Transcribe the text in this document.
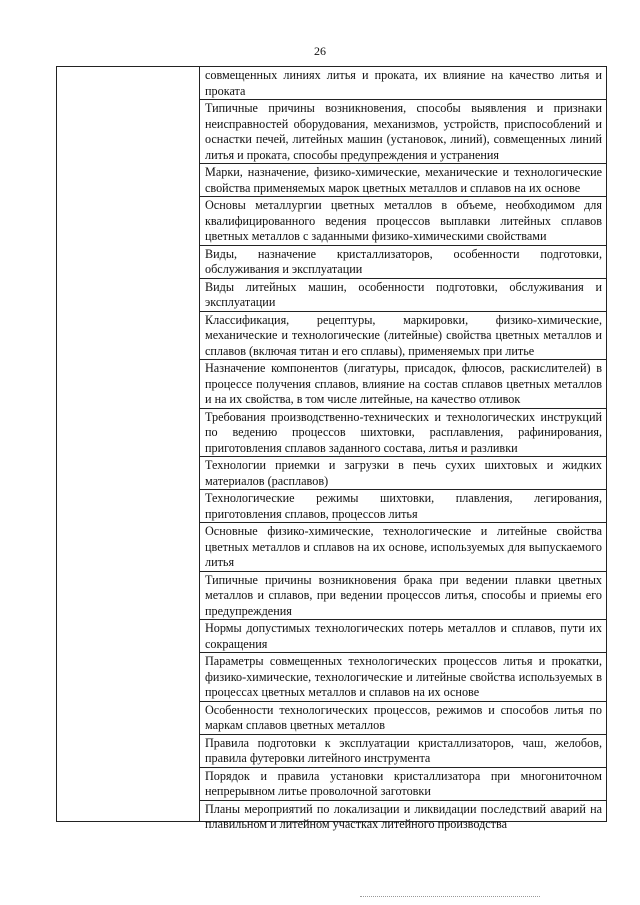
26
совмещенных линиях литья и проката, их влияние на качество литья и проката
Типичные причины возникновения, способы выявления и признаки неисправностей оборудования, механизмов, устройств, приспособлений и оснастки печей, литейных машин (установок, линий), совмещенных линий литья и проката, способы предупреждения и устранения
Марки, назначение, физико-химические, механические и технологические свойства применяемых марок цветных металлов и сплавов на их основе
Основы металлургии цветных металлов в объеме, необходимом для квалифицированного ведения процессов выплавки литейных сплавов цветных металлов с заданными физико-химическими свойствами
Виды, назначение кристаллизаторов, особенности подготовки, обслуживания и эксплуатации
Виды литейных машин, особенности подготовки, обслуживания и эксплуатации
Классификация, рецептуры, маркировки, физико-химические, механические и технологические (литейные) свойства цветных металлов и сплавов (включая титан и его сплавы), применяемых при литье
Назначение компонентов (лигатуры, присадок, флюсов, раскислителей) в процессе получения сплавов, влияние на состав сплавов цветных металлов и на их свойства, в том числе литейные, на качество отливок
Требования производственно-технических и технологических инструкций по ведению процессов шихтовки, расплавления, рафинирования, приготовления сплавов заданного состава, литья и разливки
Технологии приемки и загрузки в печь сухих шихтовых и жидких материалов (расплавов)
Технологические режимы шихтовки, плавления, легирования, приготовления сплавов, процессов литья
Основные физико-химические, технологические и литейные свойства цветных металлов и сплавов на их основе, используемых для выпускаемого литья
Типичные причины возникновения брака при ведении плавки цветных металлов и сплавов, при ведении процессов литья, способы и приемы его предупреждения
Нормы допустимых технологических потерь металлов и сплавов, пути их сокращения
Параметры совмещенных технологических процессов литья и прокатки, физико-химические, технологические и литейные свойства используемых в процессах цветных металлов и сплавов на их основе
Особенности технологических процессов, режимов и способов литья по маркам сплавов цветных металлов
Правила подготовки к эксплуатации кристаллизаторов, чаш, желобов, правила футеровки литейного инструмента
Порядок и правила установки кристаллизатора при многониточном непрерывном литье проволочной заготовки
Планы мероприятий по локализации и ликвидации последствий аварий на плавильном и литейном участках литейного производства
